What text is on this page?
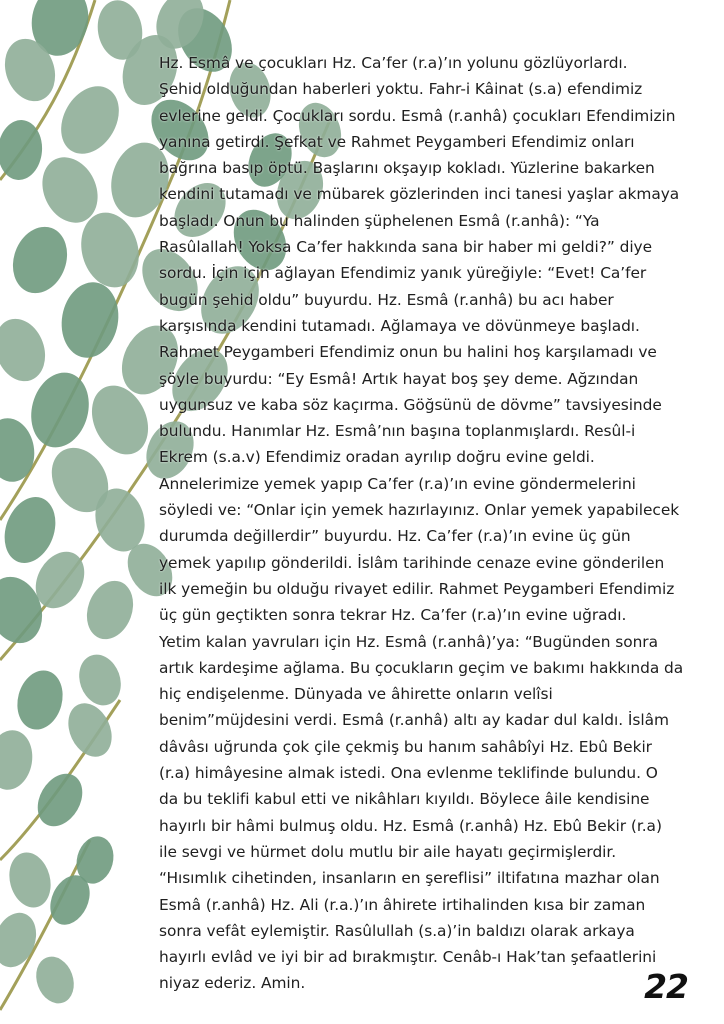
Hz. Esmâ ve çocukları Hz. Ca’fer (r.a)’ın yolunu gözlüyorlardı.
Şehid olduğundan haberleri yoktu. Fahr-i Kâinat (s.a) efendimiz
evlerine geldi. Çocukları sordu. Esmâ (r.anhâ) çocukları Efendimizin
yanına getirdi. Şefkat ve Rahmet Peygamberi Efendimiz onları
bağrına basıp öptü. Başlarını okşayıp kokladı. Yüzlerine bakarken
kendini tutamadı ve mübarek gözlerinden inci tanesi yaşlar akmaya
başladı. Onun bu halinden şüphelenen Esmâ (r.anhâ): “Ya
Rasûlallah! Yoksa Ca’fer hakkında sana bir haber mi geldi?” diye
sordu. İçin için ağlayan Efendimiz yanık yüreğiyle: “Evet! Ca’fer
bugün şehid oldu” buyurdu. Hz. Esmâ (r.anhâ) bu acı haber
karşısında kendini tutamadı. Ağlamaya ve dövünmeye başladı.
Rahmet Peygamberi Efendimiz onun bu halini hoş karşılamadı ve
şöyle buyurdu: “Ey Esmâ! Artık hayat boş şey deme. Ağzından
uygunsuz ve kaba söz kaçırma. Göğsünü de dövme” tavsiyesinde
bulundu. Hanımlar Hz. Esmâ’nın başına toplanmışlardı. Resûl-i
Ekrem (s.a.v) Efendimiz oradan ayrılıp doğru evine geldi.
Annelerimize yemek yapıp Ca’fer (r.a)’ın evine göndermelerini
söyledi ve: “Onlar için yemek hazırlayınız. Onlar yemek yapabilecek
durumda değillerdir” buyurdu. Hz. Ca’fer (r.a)’ın evine üç gün
yemek yapılıp gönderildi. İslâm tarihinde cenaze evine gönderilen
ilk yemeğin bu olduğu rivayet edilir. Rahmet Peygamberi Efendimiz
üç gün geçtikten sonra tekrar Hz. Ca’fer (r.a)’ın evine uğradı.
Yetim kalan yavruları için Hz. Esmâ (r.anhâ)’ya: “Bugünden sonra
artık kardeşime ağlama. Bu çocukların geçim ve bakımı hakkında da
hiç endişelenme. Dünyada ve âhirette onların velîsi
benim”müjdesini verdi. Esmâ (r.anhâ) altı ay kadar dul kaldı. İslâm
dâvâsı uğrunda çok çile çekmiş bu hanım sahâbîyi Hz. Ebû Bekir
(r.a) himâyesine almak istedi. Ona evlenme teklifinde bulundu. O
da bu teklifi kabul etti ve nikâhları kıyıldı. Böylece âile kendisine
hayırlı bir hâmi bulmuş oldu. Hz. Esmâ (r.anhâ) Hz. Ebû Bekir (r.a)
ile sevgi ve hürmet dolu mutlu bir aile hayatı geçirmişlerdir.
“Hısımlık cihetinden, insanların en şereflisi” iltifatına mazhar olan
Esmâ (r.anhâ) Hz. Ali (r.a.)’ın âhirete irtihalinden kısa bir zaman
sonra vefât eylemiştir. Rasûlullah (s.a)’in baldızı olarak arkaya
hayırlı evlâd ve iyi bir ad bırakmıştır. Cenâb-ı Hak’tan şefaatlerini
niyaz ederiz. Amin.	22
